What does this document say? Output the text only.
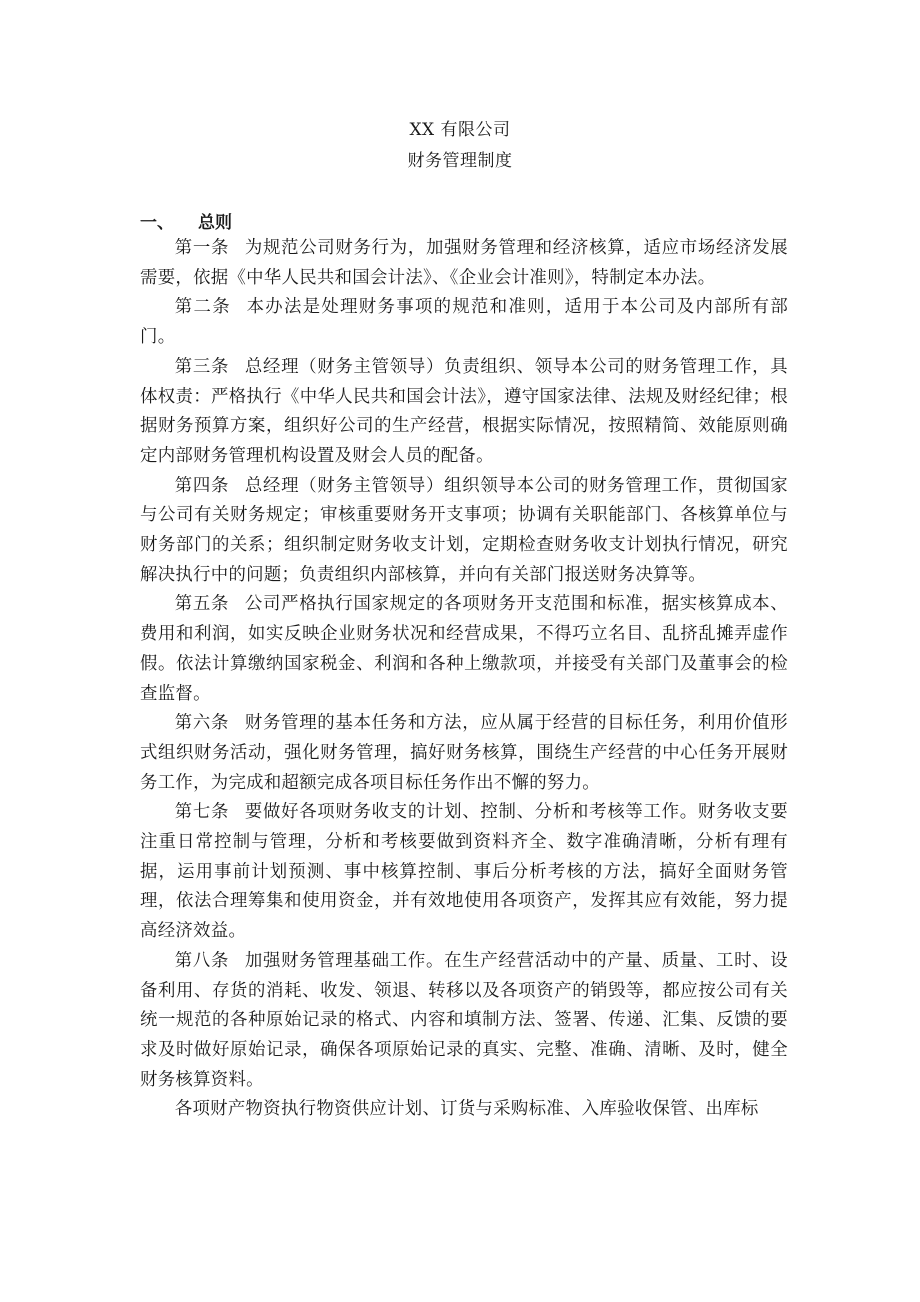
XX 有限公司
财务管理制度
一、 总则

第一条 为规范公司财务行为，加强财务管理和经济核算，适应市场经济发展需要，依据《中华人民共和国会计法》、《企业会计准则》，特制定本办法。

第二条 本办法是处理财务事项的规范和准则，适用于本公司及内部所有部门。

第三条 总经理（财务主管领导）负责组织、领导本公司的财务管理工作，具体权责：严格执行《中华人民共和国会计法》，遵守国家法律、法规及财经纪律；根据财务预算方案，组织好公司的生产经营，根据实际情况，按照精简、效能原则确定内部财务管理机构设置及财会人员的配备。

第四条 总经理（财务主管领导）组织领导本公司的财务管理工作，贯彻国家与公司有关财务规定；审核重要财务开支事项；协调有关职能部门、各核算单位与财务部门的关系；组织制定财务收支计划，定期检查财务收支计划执行情况，研究解决执行中的问题；负责组织内部核算，并向有关部门报送财务决算等。

第五条 公司严格执行国家规定的各项财务开支范围和标准，据实核算成本、费用和利润，如实反映企业财务状况和经营成果，不得巧立名目、乱挤乱摊弄虚作假。依法计算缴纳国家税金、利润和各种上缴款项，并接受有关部门及董事会的检查监督。

第六条 财务管理的基本任务和方法，应从属于经营的目标任务，利用价值形式组织财务活动，强化财务管理，搞好财务核算，围绕生产经营的中心任务开展财务工作，为完成和超额完成各项目标任务作出不懈的努力。

第七条 要做好各项财务收支的计划、控制、分析和考核等工作。财务收支要注重日常控制与管理，分析和考核要做到资料齐全、数字准确清晰，分析有理有据，运用事前计划预测、事中核算控制、事后分析考核的方法，搞好全面财务管理，依法合理筹集和使用资金，并有效地使用各项资产，发挥其应有效能，努力提高经济效益。

第八条 加强财务管理基础工作。在生产经营活动中的产量、质量、工时、设备利用、存货的消耗、收发、领退、转移以及各项资产的销毁等，都应按公司有关统一规范的各种原始记录的格式、内容和填制方法、签署、传递、汇集、反馈的要求及时做好原始记录，确保各项原始记录的真实、完整、准确、清晰、及时，健全财务核算资料。

各项财产物资执行物资供应计划、订货与采购标准、入库验收保管、出库标
